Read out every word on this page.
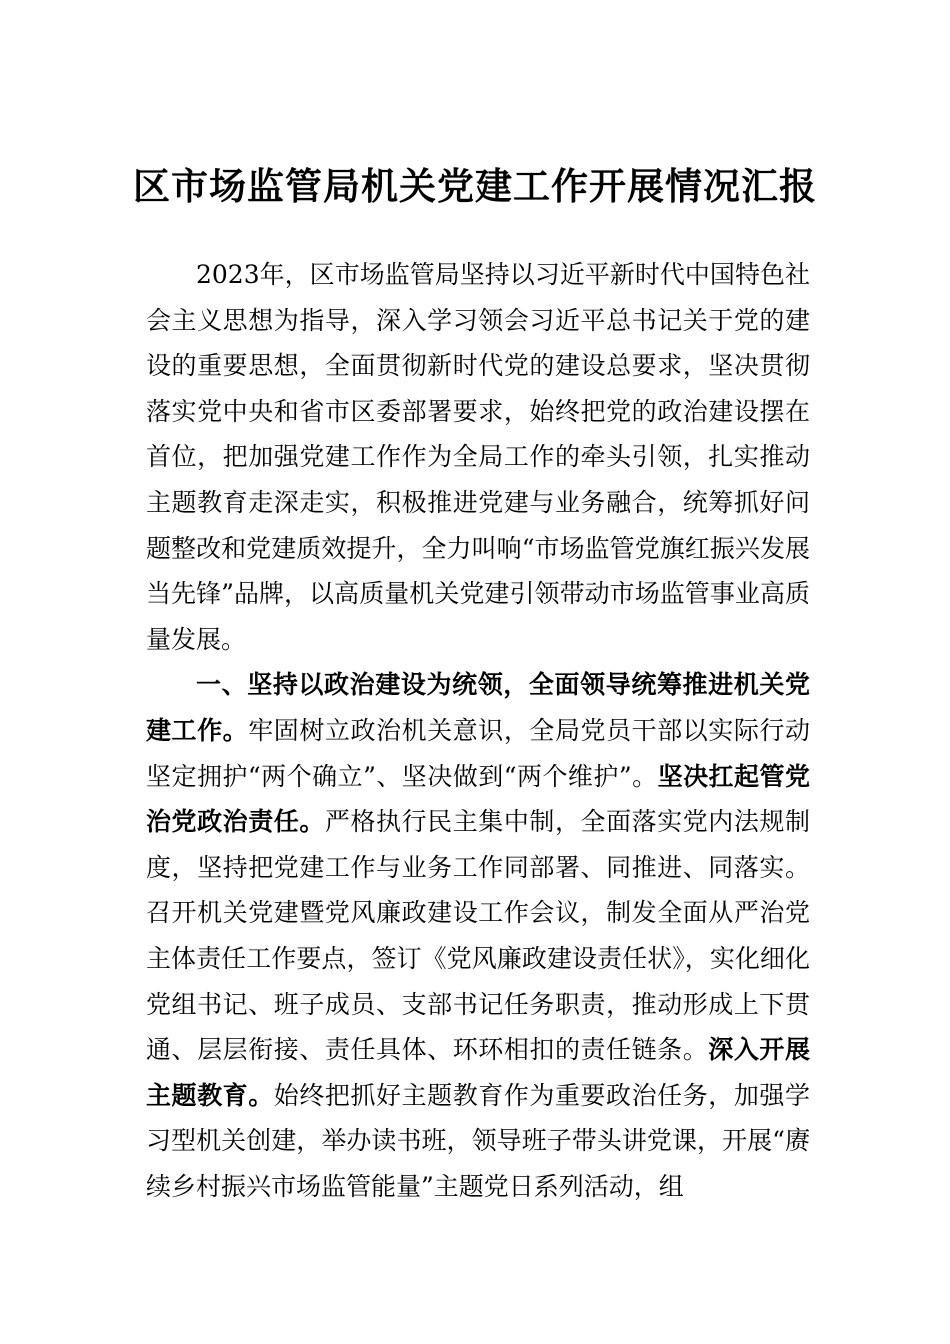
区市场监管局机关党建工作开展情况汇报

2023年，区市场监管局坚持以习近平新时代中国特色社会主义思想为指导，深入学习领会习近平总书记关于党的建设的重要思想，全面贯彻新时代党的建设总要求，坚决贯彻落实党中央和省市区委部署要求，始终把党的政治建设摆在首位，把加强党建工作作为全局工作的牵头引领，扎实推动主题教育走深走实，积极推进党建与业务融合，统筹抓好问题整改和党建质效提升，全力叫响“市场监管党旗红振兴发展当先锋”品牌，以高质量机关党建引领带动市场监管事业高质量发展。

一、坚持以政治建设为统领，全面领导统筹推进机关党建工作。牢固树立政治机关意识，全局党员干部以实际行动坚定拥护“两个确立”、坚决做到“两个维护”。坚决扛起管党治党政治责任。严格执行民主集中制，全面落实党内法规制度，坚持把党建工作与业务工作同部署、同推进、同落实。召开机关党建暨党风廉政建设工作会议，制发全面从严治党主体责任工作要点，签订《党风廉政建设责任状》，实化细化党组书记、班子成员、支部书记任务职责，推动形成上下贯通、层层衔接、责任具体、环环相扣的责任链条。深入开展主题教育。始终把抓好主题教育作为重要政治任务，加强学习型机关创建，举办读书班，领导班子带头讲党课，开展“赓续乡村振兴市场监管能量”主题党日系列活动，组
